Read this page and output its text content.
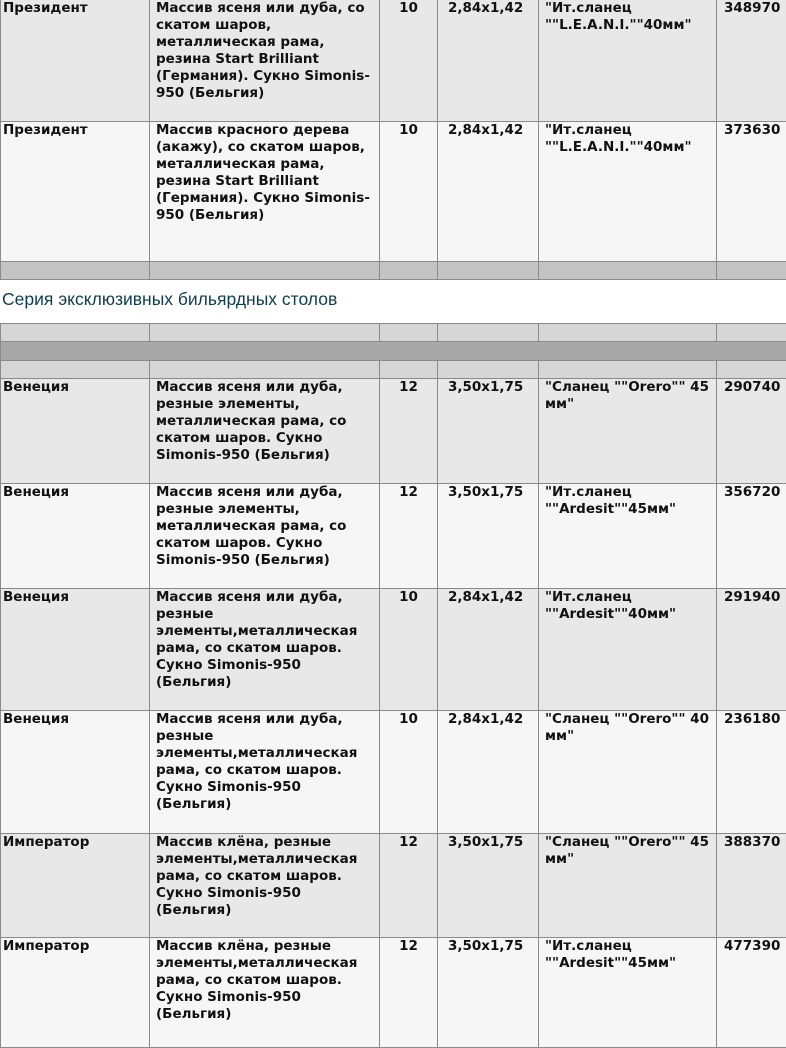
Президент	Массив ясеня или дуба, со скатом шаров, металлическая рама, резина Start Brilliant (Германия). Сукно Simonis-950 (Бельгия)	10	2,84x1,42	"Ит.сланец ""L.E.A.N.I.""40мм"	348970
Президент	Массив красного дерева (акажу), со скатом шаров, металлическая рама, резина Start Brilliant (Германия). Сукно Simonis-950 (Бельгия)	10	2,84x1,42	"Ит.сланец ""L.E.A.N.I.""40мм"	373630

Серия эксклюзивных бильярдных столов

Венеция	Массив ясеня или дуба, резные элементы, металлическая рама, со скатом шаров. Сукно Simonis-950 (Бельгия)	12	3,50x1,75	"Сланец ""Orero"" 45 мм"	290740
Венеция	Массив ясеня или дуба, резные элементы, металлическая рама, со скатом шаров. Сукно Simonis-950 (Бельгия)	12	3,50x1,75	"Ит.сланец ""Ardesit""45мм"	356720
Венеция	Массив ясеня или дуба, резные элементы,металлическая рама, со скатом шаров. Сукно Simonis-950 (Бельгия)	10	2,84x1,42	"Ит.сланец ""Ardesit""40мм"	291940
Венеция	Массив ясеня или дуба, резные элементы,металлическая рама, со скатом шаров. Сукно Simonis-950 (Бельгия)	10	2,84x1,42	"Сланец ""Orero"" 40 мм"	236180
Император	Массив клёна, резные элементы,металлическая рама, со скатом шаров. Сукно Simonis-950 (Бельгия)	12	3,50x1,75	"Сланец ""Orero"" 45 мм"	388370
Император	Массив клёна, резные элементы,металлическая рама, со скатом шаров. Сукно Simonis-950 (Бельгия)	12	3,50x1,75	"Ит.сланец ""Ardesit""45мм"	477390
